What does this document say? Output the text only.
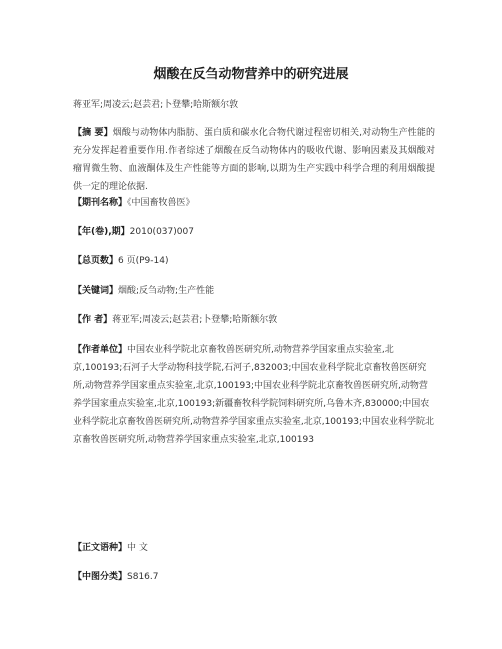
烟酸在反刍动物营养中的研究进展
蒋亚军;周凌云;赵芸君;卜登攀;哈斯额尔敦
【摘 要】烟酸与动物体内脂肪、蛋白质和碳水化合物代谢过程密切相关,对动物生产性能的充分发挥起着重要作用.作者综述了烟酸在反刍动物体内的吸收代谢、影响因素及其烟酸对瘤胃微生物、血液酮体及生产性能等方面的影响,以期为生产实践中科学合理的利用烟酸提供一定的理论依据.
【期刊名称】《中国畜牧兽医》
【年(卷),期】2010(037)007
【总页数】6 页(P9-14)
【关键词】烟酸;反刍动物;生产性能
【作 者】蒋亚军;周凌云;赵芸君;卜登攀;哈斯额尔敦
【作者单位】中国农业科学院北京畜牧兽医研究所,动物营养学国家重点实验室,北京,100193;石河子大学动物科技学院,石河子,832003;中国农业科学院北京畜牧兽医研究所,动物营养学国家重点实验室,北京,100193;中国农业科学院北京畜牧兽医研究所,动物营养学国家重点实验室,北京,100193;新疆畜牧科学院饲料研究所,乌鲁木齐,830000;中国农业科学院北京畜牧兽医研究所,动物营养学国家重点实验室,北京,100193;中国农业科学院北京畜牧兽医研究所,动物营养学国家重点实验室,北京,100193
【正文语种】中 文
【中图分类】S816.7
